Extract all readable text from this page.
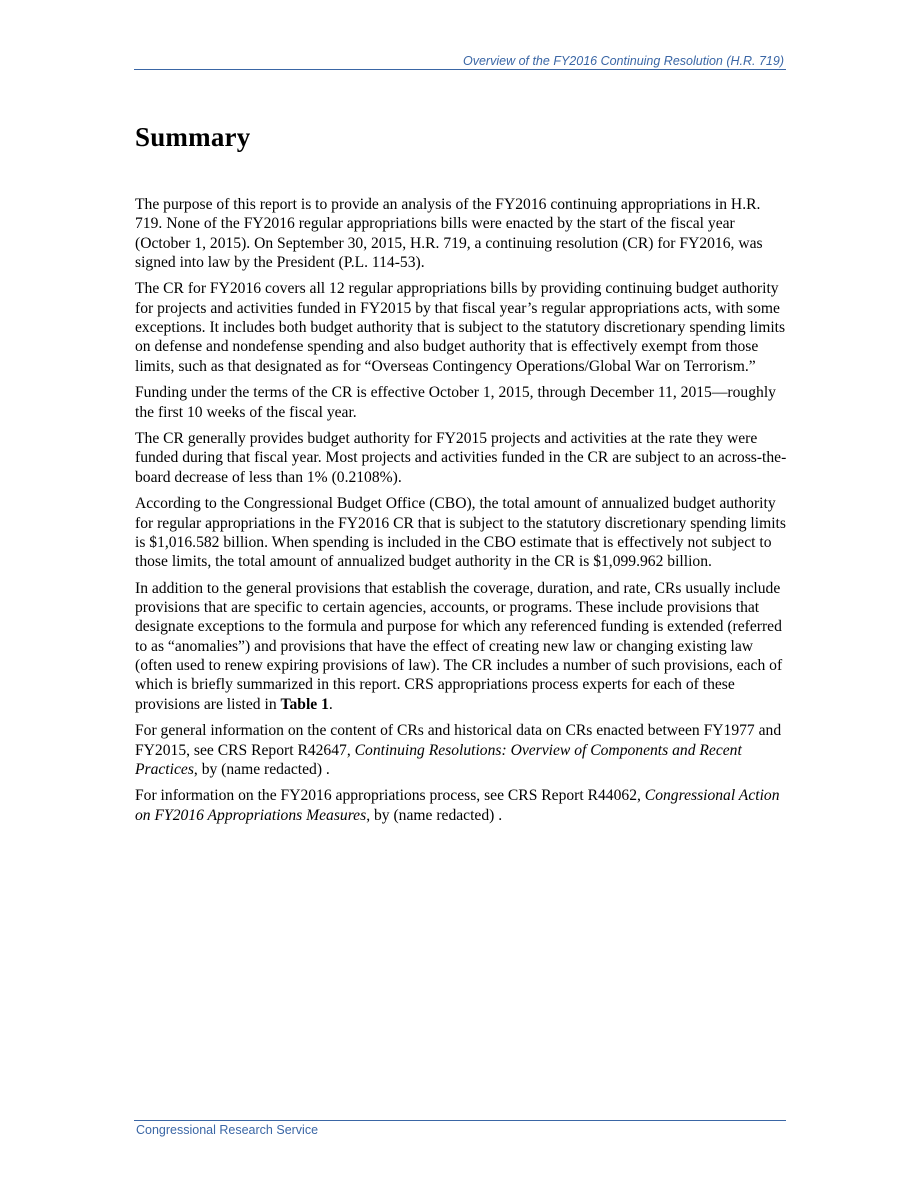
Overview of the FY2016 Continuing Resolution (H.R. 719)
Summary

The purpose of this report is to provide an analysis of the FY2016 continuing appropriations in H.R. 719. None of the FY2016 regular appropriations bills were enacted by the start of the fiscal year (October 1, 2015). On September 30, 2015, H.R. 719, a continuing resolution (CR) for FY2016, was signed into law by the President (P.L. 114-53).

The CR for FY2016 covers all 12 regular appropriations bills by providing continuing budget authority for projects and activities funded in FY2015 by that fiscal year’s regular appropriations acts, with some exceptions. It includes both budget authority that is subject to the statutory discretionary spending limits on defense and nondefense spending and also budget authority that is effectively exempt from those limits, such as that designated as for “Overseas Contingency Operations/Global War on Terrorism.”

Funding under the terms of the CR is effective October 1, 2015, through December 11, 2015—roughly the first 10 weeks of the fiscal year.

The CR generally provides budget authority for FY2015 projects and activities at the rate they were funded during that fiscal year. Most projects and activities funded in the CR are subject to an across-the-board decrease of less than 1% (0.2108%).

According to the Congressional Budget Office (CBO), the total amount of annualized budget authority for regular appropriations in the FY2016 CR that is subject to the statutory discretionary spending limits is $1,016.582 billion. When spending is included in the CBO estimate that is effectively not subject to those limits, the total amount of annualized budget authority in the CR is $1,099.962 billion.

In addition to the general provisions that establish the coverage, duration, and rate, CRs usually include provisions that are specific to certain agencies, accounts, or programs. These include provisions that designate exceptions to the formula and purpose for which any referenced funding is extended (referred to as “anomalies”) and provisions that have the effect of creating new law or changing existing law (often used to renew expiring provisions of law). The CR includes a number of such provisions, each of which is briefly summarized in this report. CRS appropriations process experts for each of these provisions are listed in Table 1.

For general information on the content of CRs and historical data on CRs enacted between FY1977 and FY2015, see CRS Report R42647, Continuing Resolutions: Overview of Components and Recent Practices, by (name redacted) .

For information on the FY2016 appropriations process, see CRS Report R44062, Congressional Action on FY2016 Appropriations Measures, by (name redacted) .

Congressional Research Service
